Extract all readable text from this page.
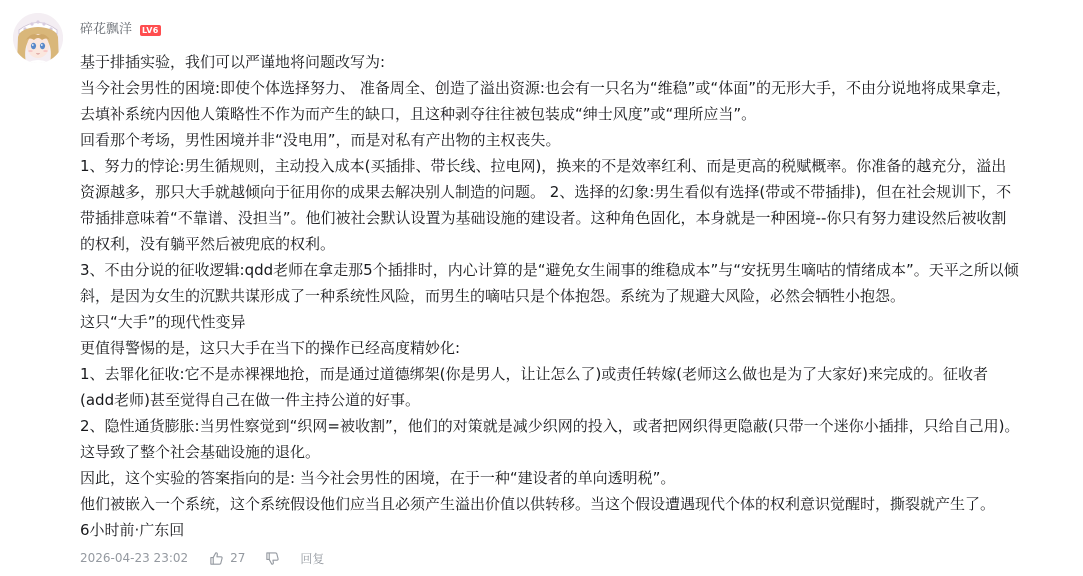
碎花飘洋 LV6
基于排插实验，我们可以严谨地将问题改写为:
当今社会男性的困境:即使个体选择努力、 准备周全、创造了溢出资源:也会有一只名为“维稳”或“体面”的无形大手，不由分说地将成果拿走，
去填补系统内因他人策略性不作为而产生的缺口，且这种剥夺往往被包装成“绅士风度”或“理所应当”。
回看那个考场，男性困境并非“没电用”，而是对私有产出物的主权丧失。
1、努力的悖论:男生循规则，主动投入成本(买插排、带长线、拉电网)，换来的不是效率红利、而是更高的税赋概率。你准备的越充分，溢出
资源越多，那只大手就越倾向于征用你的成果去解决别人制造的问题。 2、选择的幻象:男生看似有选择(带或不带插排)，但在社会规训下，不
带插排意味着“不靠谱、没担当”。他们被社会默认设置为基础设施的建设者。这种角色固化，本身就是一种困境--你只有努力建设然后被收割
的权利，没有躺平然后被兜底的权利。
3、不由分说的征收逻辑:qdd老师在拿走那5个插排时，内心计算的是“避免女生闹事的维稳成本”与“安抚男生嘀咕的情绪成本”。天平之所以倾
斜，是因为女生的沉默共谋形成了一种系统性风险，而男生的嘀咕只是个体抱怨。系统为了规避大风险，必然会牺牲小抱怨。
这只“大手”的现代性变异
更值得警惕的是，这只大手在当下的操作已经高度精妙化:
1、去罪化征收:它不是赤裸裸地抢，而是通过道德绑架(你是男人，让让怎么了)或责任转嫁(老师这么做也是为了大家好)来完成的。征收者
(add老师)甚至觉得自己在做一件主持公道的好事。
2、隐性通货膨胀:当男性察觉到“织网=被收割”，他们的对策就是减少织网的投入，或者把网织得更隐蔽(只带一个迷你小插排，只给自己用)。
这导致了整个社会基础设施的退化。
因此，这个实验的答案指向的是: 当今社会男性的困境，在于一种“建设者的单向透明税”。
他们被嵌入一个系统，这个系统假设他们应当且必须产生溢出价值以供转移。当这个假设遭遇现代个体的权利意识觉醒时，撕裂就产生了。
6小时前·广东回
2026-04-23 23:02	27	回复
